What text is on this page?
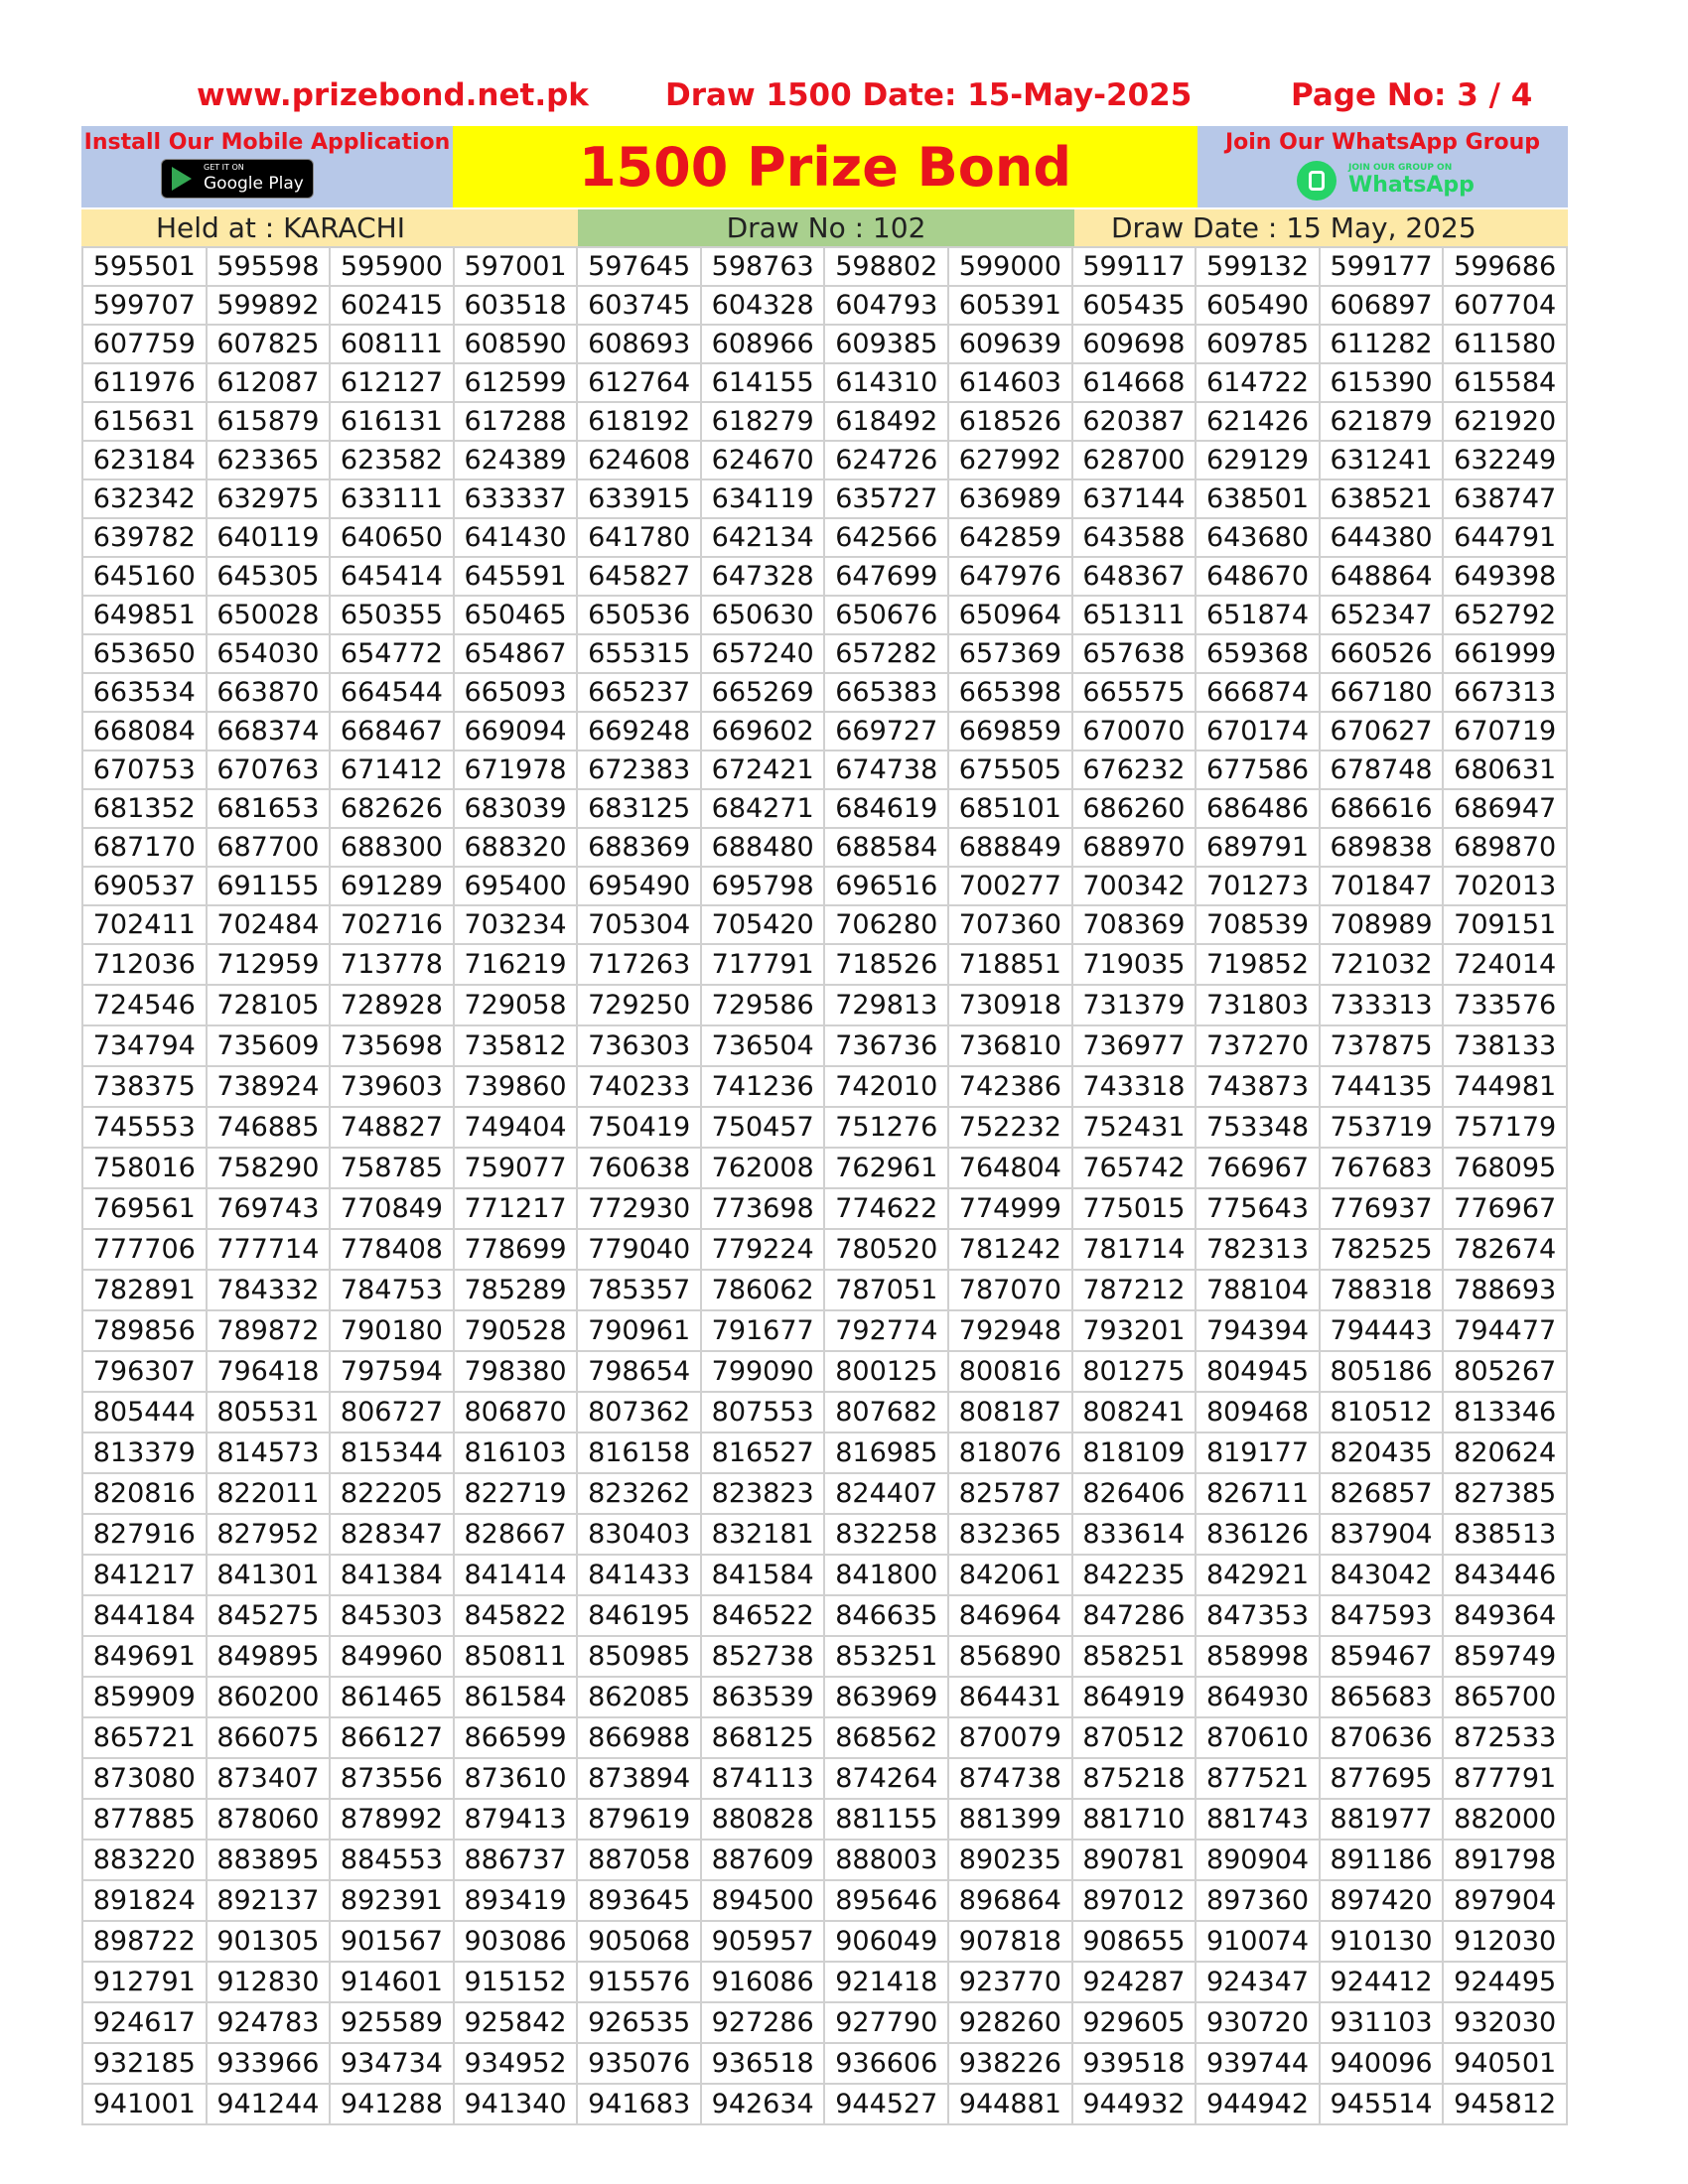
www.prizebond.net.pk Draw 1500 Date: 15-May-2025	Page No: 3 / 4
Install Our Mobile Application
GET IT ON
Google Play	1500 Prize Bond	Join Our WhatsApp Group
JOIN OUR GROUP ON
WhatsApp
Held at : KARACHI	Draw No : 102	Draw Date : 15 May, 2025
595501	595598	595900	597001	597645	598763	598802	599000	599117	599132	599177	599686
599707	599892	602415	603518	603745	604328	604793	605391	605435	605490	606897	607704
607759	607825	608111	608590	608693	608966	609385	609639	609698	609785	611282	611580
611976	612087	612127	612599	612764	614155	614310	614603	614668	614722	615390	615584
615631	615879	616131	617288	618192	618279	618492	618526	620387	621426	621879	621920
623184	623365	623582	624389	624608	624670	624726	627992	628700	629129	631241	632249
632342	632975	633111	633337	633915	634119	635727	636989	637144	638501	638521	638747
639782	640119	640650	641430	641780	642134	642566	642859	643588	643680	644380	644791
645160	645305	645414	645591	645827	647328	647699	647976	648367	648670	648864	649398
649851	650028	650355	650465	650536	650630	650676	650964	651311	651874	652347	652792
653650	654030	654772	654867	655315	657240	657282	657369	657638	659368	660526	661999
663534	663870	664544	665093	665237	665269	665383	665398	665575	666874	667180	667313
668084	668374	668467	669094	669248	669602	669727	669859	670070	670174	670627	670719
670753	670763	671412	671978	672383	672421	674738	675505	676232	677586	678748	680631
681352	681653	682626	683039	683125	684271	684619	685101	686260	686486	686616	686947
687170	687700	688300	688320	688369	688480	688584	688849	688970	689791	689838	689870
690537	691155	691289	695400	695490	695798	696516	700277	700342	701273	701847	702013
702411	702484	702716	703234	705304	705420	706280	707360	708369	708539	708989	709151
712036	712959	713778	716219	717263	717791	718526	718851	719035	719852	721032	724014
724546	728105	728928	729058	729250	729586	729813	730918	731379	731803	733313	733576
734794	735609	735698	735812	736303	736504	736736	736810	736977	737270	737875	738133
738375	738924	739603	739860	740233	741236	742010	742386	743318	743873	744135	744981
745553	746885	748827	749404	750419	750457	751276	752232	752431	753348	753719	757179
758016	758290	758785	759077	760638	762008	762961	764804	765742	766967	767683	768095
769561	769743	770849	771217	772930	773698	774622	774999	775015	775643	776937	776967
777706	777714	778408	778699	779040	779224	780520	781242	781714	782313	782525	782674
782891	784332	784753	785289	785357	786062	787051	787070	787212	788104	788318	788693
789856	789872	790180	790528	790961	791677	792774	792948	793201	794394	794443	794477
796307	796418	797594	798380	798654	799090	800125	800816	801275	804945	805186	805267
805444	805531	806727	806870	807362	807553	807682	808187	808241	809468	810512	813346
813379	814573	815344	816103	816158	816527	816985	818076	818109	819177	820435	820624
820816	822011	822205	822719	823262	823823	824407	825787	826406	826711	826857	827385
827916	827952	828347	828667	830403	832181	832258	832365	833614	836126	837904	838513
841217	841301	841384	841414	841433	841584	841800	842061	842235	842921	843042	843446
844184	845275	845303	845822	846195	846522	846635	846964	847286	847353	847593	849364
849691	849895	849960	850811	850985	852738	853251	856890	858251	858998	859467	859749
859909	860200	861465	861584	862085	863539	863969	864431	864919	864930	865683	865700
865721	866075	866127	866599	866988	868125	868562	870079	870512	870610	870636	872533
873080	873407	873556	873610	873894	874113	874264	874738	875218	877521	877695	877791
877885	878060	878992	879413	879619	880828	881155	881399	881710	881743	881977	882000
883220	883895	884553	886737	887058	887609	888003	890235	890781	890904	891186	891798
891824	892137	892391	893419	893645	894500	895646	896864	897012	897360	897420	897904
898722	901305	901567	903086	905068	905957	906049	907818	908655	910074	910130	912030
912791	912830	914601	915152	915576	916086	921418	923770	924287	924347	924412	924495
924617	924783	925589	925842	926535	927286	927790	928260	929605	930720	931103	932030
932185	933966	934734	934952	935076	936518	936606	938226	939518	939744	940096	940501
941001	941244	941288	941340	941683	942634	944527	944881	944932	944942	945514	945812
